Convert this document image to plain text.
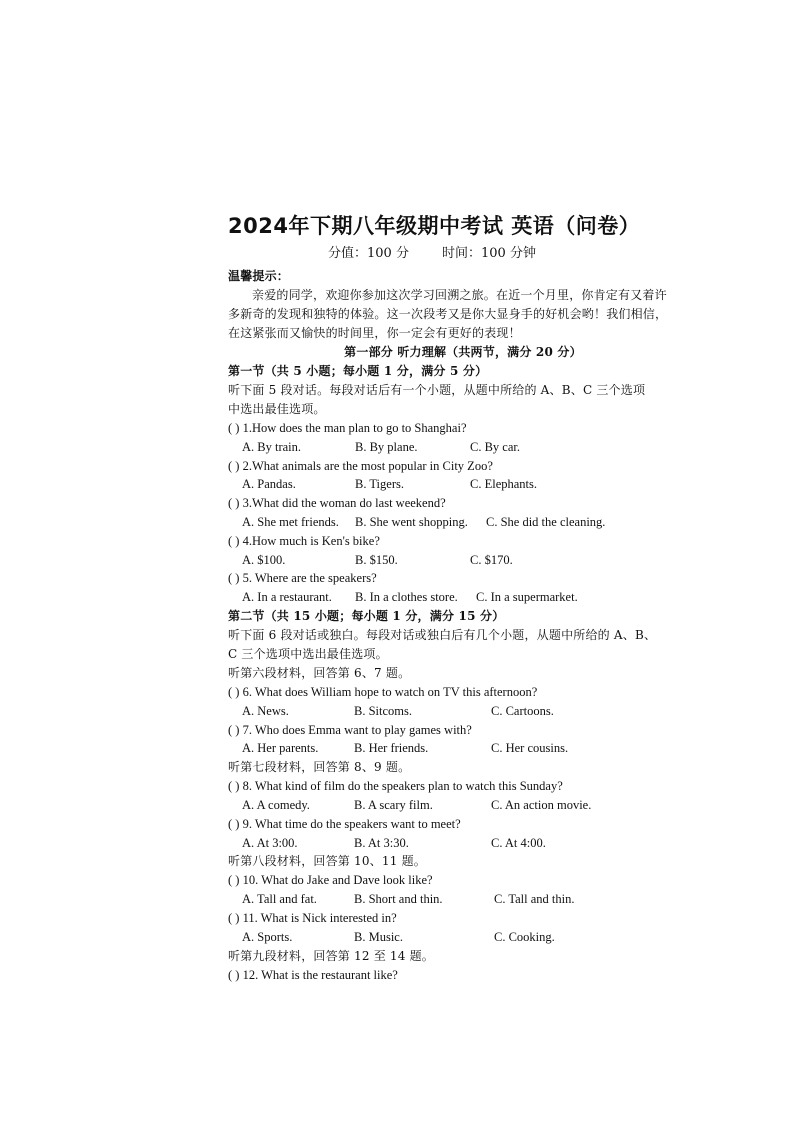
2024年下期八年级期中考试 英语（问卷）
分值：100 分        时间：100 分钟
温馨提示：
亲爱的同学，欢迎你参加这次学习回溯之旅。在近一个月里，你肯定有又着许
多新奇的发现和独特的体验。这一次段考又是你大显身手的好机会哟！我们相信，
在这紧张而又愉快的时间里，你一定会有更好的表现！
第一部分 听力理解（共两节，满分 20 分）
第一节（共 5 小题；每小题 1 分，满分 5 分）
听下面 5 段对话。每段对话后有一个小题，从题中所给的 A、B、C 三个选项
中选出最佳选项。
( ) 1.How does the man plan to go to Shanghai?
A. By train.	B. By plane.	C. By car.
( ) 2.What animals are the most popular in City Zoo?
A. Pandas.	B. Tigers.	C. Elephants.
( ) 3.What did the woman do last weekend?
A. She met friends.	B. She went shopping.	C. She did the cleaning.
( ) 4.How much is Ken's bike?
A. $100.	B. $150.	C. $170.
( ) 5. Where are the speakers?
A. In a restaurant.	B. In a clothes store.	C. In a supermarket.
第二节（共 15 小题；每小题 1 分，满分 15 分）
听下面 6 段对话或独白。每段对话或独白后有几个小题，从题中所给的 A、B、
C 三个选项中选出最佳选项。
听第六段材料，回答第 6、7 题。
( ) 6. What does William hope to watch on TV this afternoon?
A. News.	B. Sitcoms.	C. Cartoons.
( ) 7. Who does Emma want to play games with?
A. Her parents.	B. Her friends.	C. Her cousins.
听第七段材料，回答第 8、9 题。
( ) 8. What kind of film do the speakers plan to watch this Sunday?
A. A comedy.	B. A scary film.	C. An action movie.
( ) 9. What time do the speakers want to meet?
A. At 3:00.	B. At 3:30.	C. At 4:00.
听第八段材料，回答第 10、11 题。
( ) 10. What do Jake and Dave look like?
A. Tall and fat.	B. Short and thin.	C. Tall and thin.
( ) 11. What is Nick interested in?
A. Sports.	B. Music.	C. Cooking.
听第九段材料，回答第 12 至 14 题。
( ) 12. What is the restaurant like?
